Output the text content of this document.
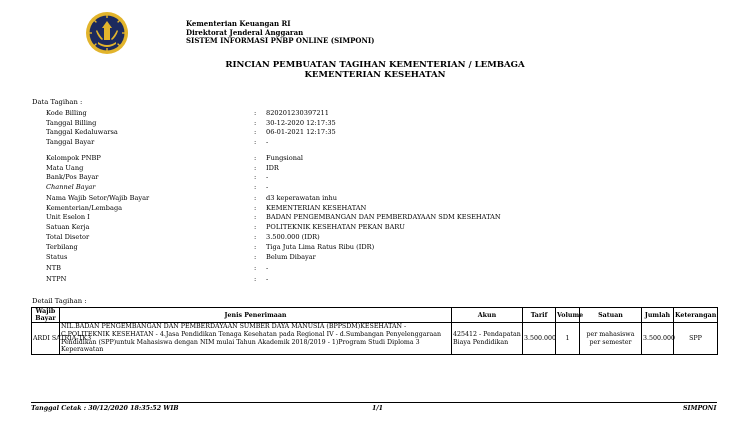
Kementerian Keuangan RI
Direktorat Jenderal Anggaran
SISTEM INFORMASI PNBP ONLINE (SIMPONI)
RINCIAN PEMBUATAN TAGIHAN KEMENTERIAN / LEMBAGA
KEMENTERIAN KESEHATAN
Data Tagihan :
Kode Billing	: 820201230397211
Tanggal Billing	: 30-12-2020 12:17:35
Tanggal Kedaluwarsa	: 06-01-2021 12:17:35
Tanggal Bayar	: -
Kelompok PNBP	: Fungsional
Mata Uang	: IDR
Bank/Pos Bayar	: -
Channel Bayar	: -
Nama Wajib Setor/Wajib Bayar	: d3 keperawatan inhu
Kementerian/Lembaga	: KEMENTERIAN KESEHATAN
Unit Eselon I	: BADAN PENGEMBANGAN DAN PEMBERDAYAAN SDM KESEHATAN
Satuan Kerja	: POLITEKNIK KESEHATAN PEKAN BARU
Total Disetor	: 3.500.000 (IDR)
Terbilang	: Tiga Juta Lima Ratus Ribu (IDR)
Status	: Belum Dibayar
NTB	: -
NTPN	: -
Detail Tagihan :
Wajib Bayar	Jenis Penerimaan	Akun	Tarif	Volume	Satuan	Jumlah	Keterangan
ARDI SATRIA-TK3	NIL.BADAN PENGEMBANGAN DAN PEMBERDAYAAN SUMBER DAYA MANUSIA (BPPSDM)KESEHATAN - C.POLITEKNIK KESEHATAN - 4.Jasa Pendidikan Tenaga Kesehatan pada Regional IV - d.Sumbangan Penyelenggaraan Pendidikan (SPP)untuk Mahasiswa dengan NIM mulai Tahun Akademik 2018/2019 - 1)Program Studi Diploma 3 Keperawatan	425412 - Pendapatan Biaya Pendidikan	3.500.000	1	per mahasiswa per semester	3.500.000	SPP
Tanggal Cetak : 30/12/2020 18:35:52 WIB	1/1	SIMPONI
